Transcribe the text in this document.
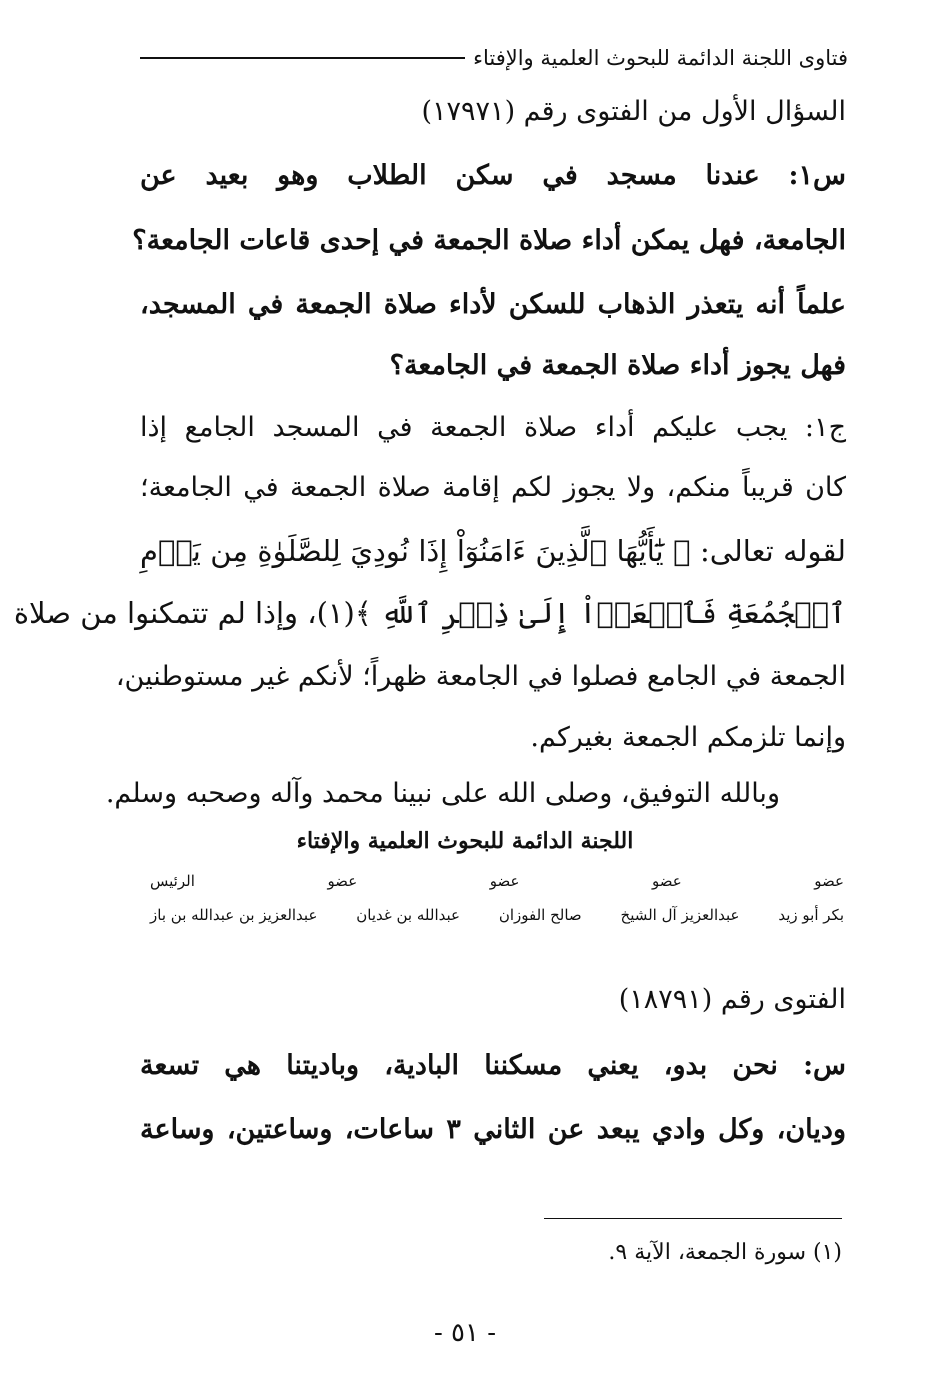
فتاوى اللجنة الدائمة للبحوث العلمية والإفتاء
السؤال الأول من الفتوى رقم (١٧٩٧١)
س١: عندنا مسجد في سكن الطلاب وهو بعيد عن
الجامعة، فهل يمكن أداء صلاة الجمعة في إحدى قاعات الجامعة؟
علماً أنه يتعذر الذهاب للسكن لأداء صلاة الجمعة في المسجد،
فهل يجوز أداء صلاة الجمعة في الجامعة؟
ج١: يجب عليكم أداء صلاة الجمعة في المسجد الجامع إذا
كان قريباً منكم، ولا يجوز لكم إقامة صلاة الجمعة في الجامعة؛
لقوله تعالى: ﴿ يَٰٓأَيُّهَا ٱلَّذِينَ ءَامَنُوٓاْ إِذَا نُودِيَ لِلصَّلَوٰةِ مِن يَوۡمِ
ٱلۡجُمُعَةِ فَٱسۡعَوۡاْ إِلَىٰ ذِكۡرِ ٱللَّهِ ﴾(١)، وإذا لم تتمكنوا من صلاة
الجمعة في الجامع فصلوا في الجامعة ظهراً؛ لأنكم غير مستوطنين،
وإنما تلزمكم الجمعة بغيركم.
وبالله التوفيق، وصلى الله على نبينا محمد وآله وصحبه وسلم.
اللجنة الدائمة للبحوث العلمية والإفتاء
عضو
عضو
عضو
عضو
الرئيس
بكر أبو زيد
عبدالعزيز آل الشيخ
صالح الفوزان
عبدالله بن غديان
عبدالعزيز بن عبدالله بن باز
الفتوى رقم (١٨٧٩١)
س: نحن بدو، يعني مسكننا البادية، وباديتنا هي تسعة
وديان، وكل وادي يبعد عن الثاني ٣ ساعات، وساعتين، وساعة
(١) سورة الجمعة، الآية ٩.
- ٥١ -
